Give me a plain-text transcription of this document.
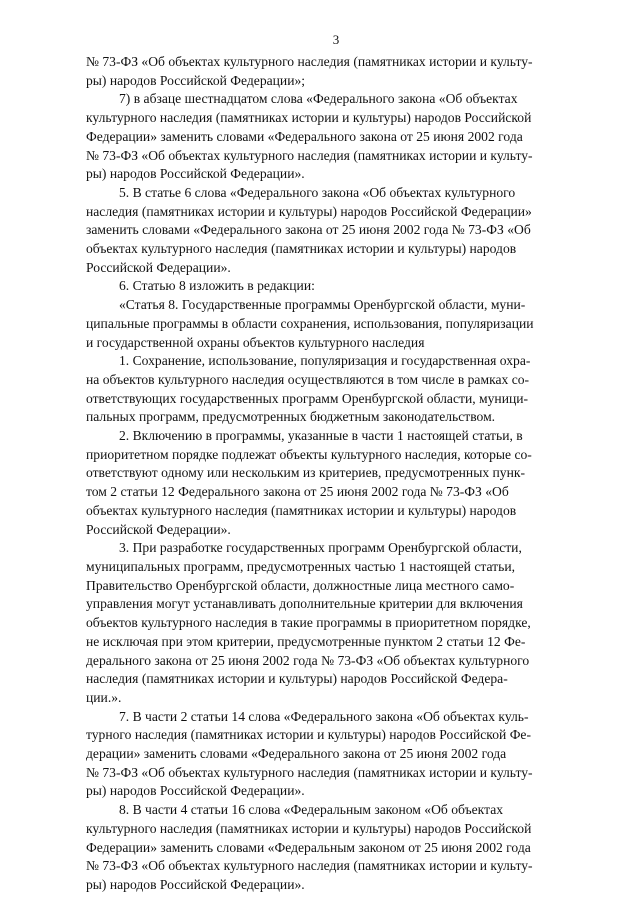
3

№ 73-ФЗ «Об объектах культурного наследия (памятниках истории и культу-
ры) народов Российской Федерации»;

7) в абзаце шестнадцатом слова «Федерального закона «Об объектах
культурного наследия (памятниках истории и культуры) народов Российской
Федерации» заменить словами «Федерального закона от 25 июня 2002 года
№ 73-ФЗ «Об объектах культурного наследия (памятниках истории и культу-
ры) народов Российской Федерации».

5. В статье 6 слова «Федерального закона «Об объектах культурного
наследия (памятниках истории и культуры) народов Российской Федерации»
заменить словами «Федерального закона от 25 июня 2002 года № 73-ФЗ «Об
объектах культурного наследия (памятниках истории и культуры) народов
Российской Федерации».

6. Статью 8 изложить в редакции:

«Статья 8. Государственные программы Оренбургской области, муни-
ципальные программы в области сохранения, использования, популяризации
и государственной охраны объектов культурного наследия

1. Сохранение, использование, популяризация и государственная охра-
на объектов культурного наследия осуществляются в том числе в рамках со-
ответствующих государственных программ Оренбургской области, муници-
пальных программ, предусмотренных бюджетным законодательством.

2. Включению в программы, указанные в части 1 настоящей статьи, в
приоритетном порядке подлежат объекты культурного наследия, которые со-
ответствуют одному или нескольким из критериев, предусмотренных пунк-
том 2 статьи 12 Федерального закона от 25 июня 2002 года № 73-ФЗ «Об
объектах культурного наследия (памятниках истории и культуры) народов
Российской Федерации».

3. При разработке государственных программ Оренбургской области,
муниципальных программ, предусмотренных частью 1 настоящей статьи,
Правительство Оренбургской области, должностные лица местного само-
управления могут устанавливать дополнительные критерии для включения
объектов культурного наследия в такие программы в приоритетном порядке,
не исключая при этом критерии, предусмотренные пунктом 2 статьи 12 Фе-
дерального закона от 25 июня 2002 года № 73-ФЗ «Об объектах культурного
наследия (памятниках истории и культуры) народов Российской Федера-
ции.».

7. В части 2 статьи 14 слова «Федерального закона «Об объектах куль-
турного наследия (памятниках истории и культуры) народов Российской Фе-
дерации» заменить словами «Федерального закона от 25 июня 2002 года
№ 73-ФЗ «Об объектах культурного наследия (памятниках истории и культу-
ры) народов Российской Федерации».

8. В части 4 статьи 16 слова «Федеральным законом «Об объектах
культурного наследия (памятниках истории и культуры) народов Российской
Федерации» заменить словами «Федеральным законом от 25 июня 2002 года
№ 73-ФЗ «Об объектах культурного наследия (памятниках истории и культу-
ры) народов Российской Федерации».
